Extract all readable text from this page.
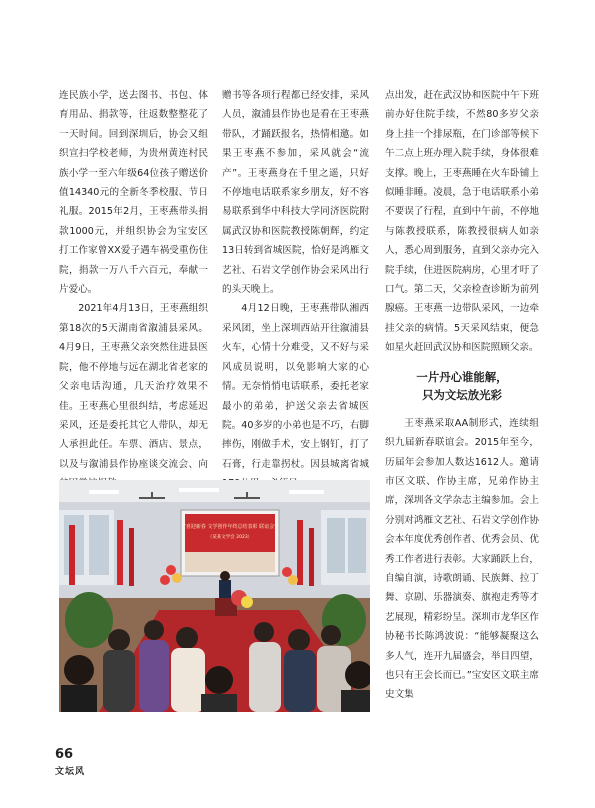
连民族小学，送去图书、书包、体育用品、捐款等，往返数整整花了一天时间。回到深圳后，协会又组织宣扫学校老师，为贵州黄连村民族小学一至六年级64位孩子赠送价值14340元的全新冬季校服、节日礼服。2015年2月，王枣燕带头捐款1000元，并组织协会为宝安区打工作家曾XX爱子遇车祸受重伤住院，捐款一万八千六百元，奉献一片爱心。

2021年4月13日，王枣燕组织第18次的5天湖南省溆浦县采风。4月9日，王枣燕父亲突然住进县医院，他不停地与远在湖北省老家的父亲电话沟通，几天治疗效果不佳。王枣燕心里很纠结，考虑延迟采风，还是委托其它人带队，却无人承担此任。车票、酒店、景点，以及与溆浦县作协座谈交流会、向

赠书等各项行程都已经安排，采风人员，溆浦县作协也是看在王枣燕带队，才踊跃报名，热情相邀。如果王枣燕不参加，采风就会“流产”。王枣燕身在千里之遥，只好不停地电话联系家乡朋友，好不容易联系到华中科技大学同济医院附属武汉协和医院教授陈朝辉，约定13日转到省城医院，恰好是鸿雁文艺社、石岩文学创作协会采风出行的头天晚上。

4月12日晚，王枣燕带队湘西采风团，坐上深圳西站开往溆浦县火车，心情十分难受，又不好与采风成员说明，以免影响大家的心情。无奈悄悄电话联系，委托老家最小的弟弟，护送父亲去省城医院。40多岁的小弟也是不巧，右脚摔伤，刚做手术，安上钢钉，打了石膏，行走靠拐杖。因县城离省城

点出发，赶在武汉协和医院中午下班前办好住院手续，不然80多岁父亲身上挂一个排尿瓶，在门诊部等候下午二点上班办理入院手续，身体很难支撑。晚上，王枣燕睡在火车卧铺上似睡非睡。凌晨，急于电话联系小弟不要误了行程，直到中午前，不停地与陈教授联系，陈教授很病人如亲人，悉心周到服务，直到父亲办完入院手续，住进医院病房，心里才吁了口气。第二天，父亲检查诊断为前列腺癌。王枣燕一边带队采风，一边牵挂父亲的病情。5天采风结束，便急如星火赶回武汉协和医院照顾父亲。

一片丹心谁能解，
只为文坛放光彩

王枣燕采取AA制形式，连续组织九届新春联谊会。2015年至今，历届年会参加人数达1612人。邀请市区文联、作协主席，兄弟作协主席，深圳各文学杂志主编参加。会上分别对鸿雁文艺社、石岩文学创作协会本年度优秀创作者、优秀会员、优秀工作者进行表彰。大家踊跃上台，自编自演，诗歌朗诵、民族舞、拉丁舞、京剧、乐器演奏、旗袍走秀等才艺展现，精彩纷呈。深圳市龙华区作协秘书长陈鸿波说：“能够凝聚这么多人气，连开九届盛会，举目四望，也只有王会长而已。”宝安区文联主席史文集

“喜迎新春 文学创作年终总结表彰 联谊会”
（某某文学会 2023）
66
文坛风
